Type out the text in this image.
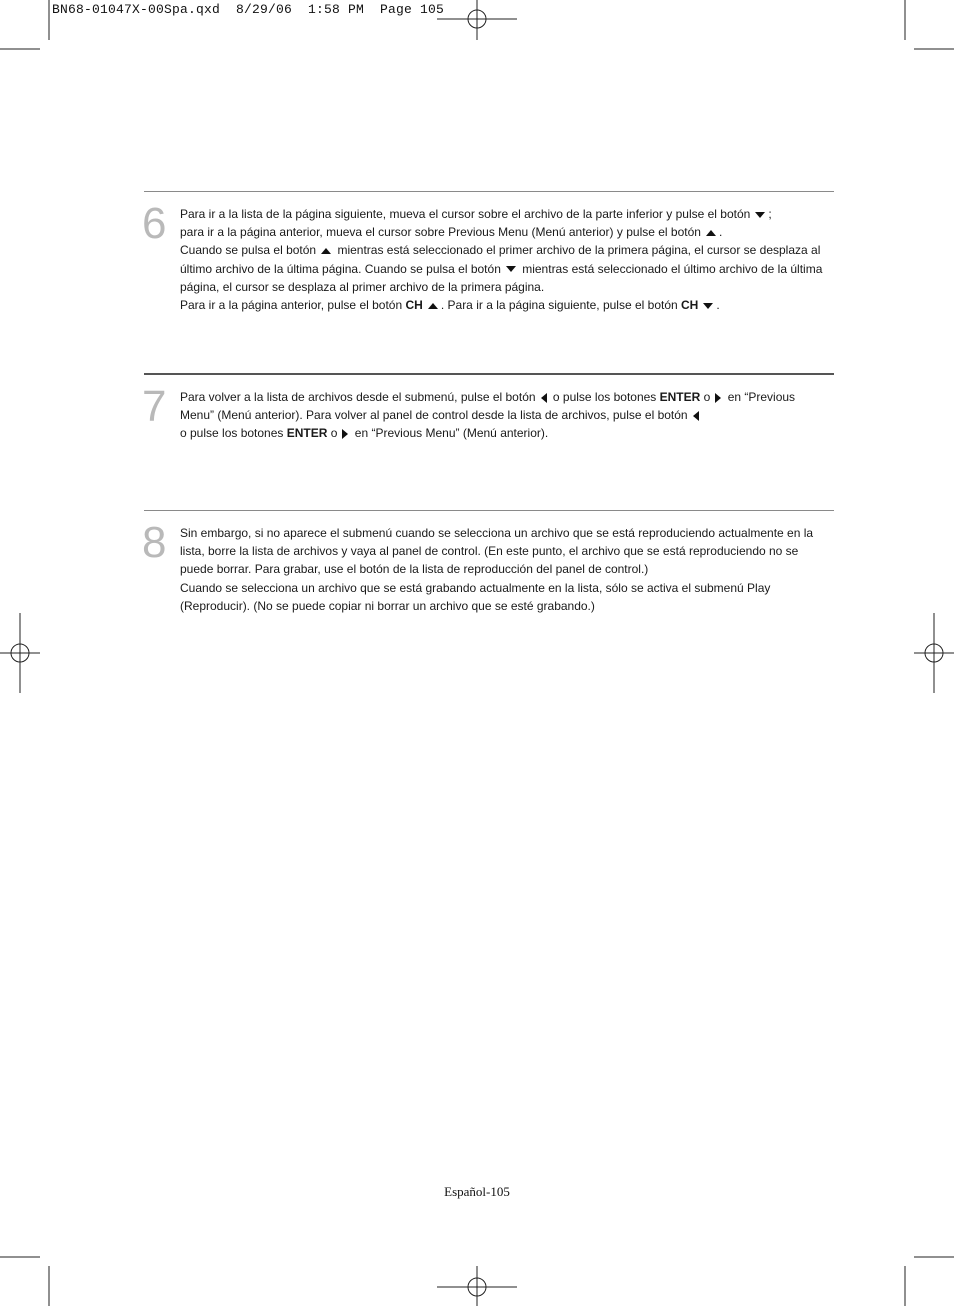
BN68-01047X-00Spa.qxd  8/29/06  1:58 PM  Page 105
6	Para ir a la lista de la página siguiente, mueva el cursor sobre el archivo de la parte inferior y pulse el botón ;
para ir a la página anterior, mueva el cursor sobre Previous Menu (Menú anterior) y pulse el botón .
Cuando se pulsa el botón mientras está seleccionado el primer archivo de la primera página, el cursor se desplaza al último archivo de la última página. Cuando se pulsa el botón mientras está seleccionado el último archivo de la última página, el cursor se desplaza al primer archivo de la primera página.
Para ir a la página anterior, pulse el botón CH . Para ir a la página siguiente, pulse el botón CH .
7	Para volver a la lista de archivos desde el submenú, pulse el botón o pulse los botones ENTER o en “Previous Menu” (Menú anterior). Para volver al panel de control desde la lista de archivos, pulse el botón
o pulse los botones ENTER o en “Previous Menu” (Menú anterior).
8	Sin embargo, si no aparece el submenú cuando se selecciona un archivo que se está reproduciendo actualmente en la lista, borre la lista de archivos y vaya al panel de control. (En este punto, el archivo que se está reproduciendo no se puede borrar. Para grabar, use el botón de la lista de reproducción del panel de control.)
Cuando se selecciona un archivo que se está grabando actualmente en la lista, sólo se activa el submenú Play (Reproducir). (No se puede copiar ni borrar un archivo que se esté grabando.)
Español-105
